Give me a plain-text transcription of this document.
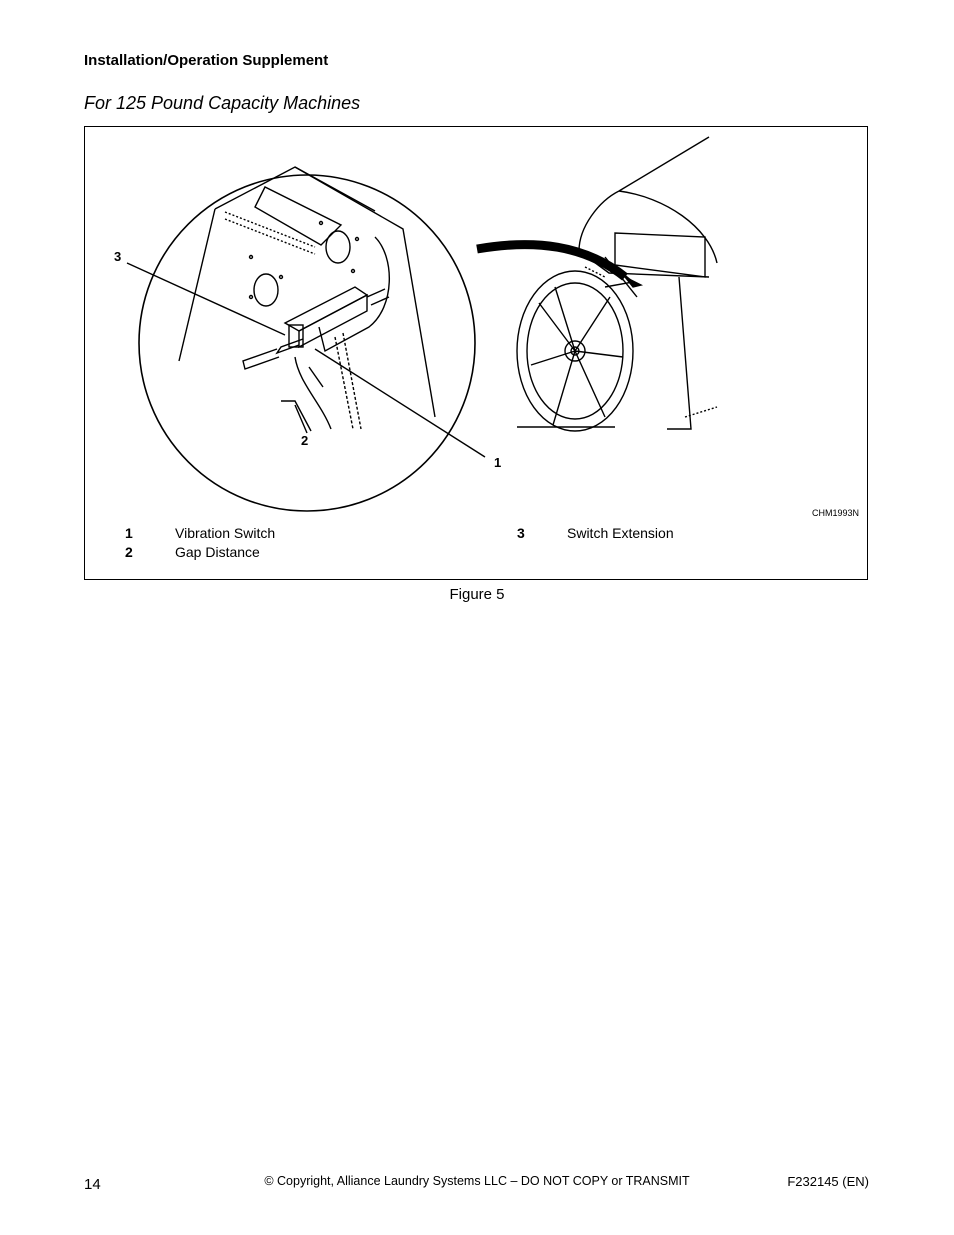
Installation/Operation Supplement
For 125 Pound Capacity Machines
3
2
1
CHM1993N
1	Vibration Switch
2	Gap Distance
3	Switch Extension
Figure 5
14	© Copyright, Alliance Laundry Systems LLC – DO NOT COPY or TRANSMIT	F232145 (EN)
